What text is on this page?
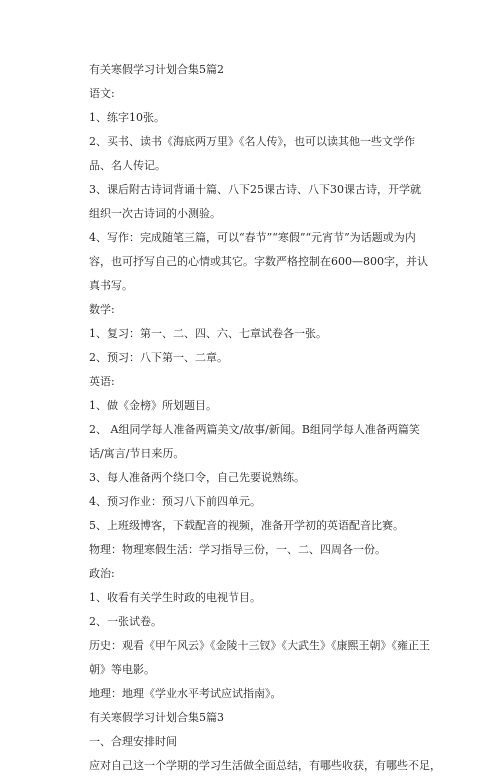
有关寒假学习计划合集5篇2

语文:

1、练字10张。

2、买书、读书《海底两万里》《名人传》，也可以读其他一些文学作品、名人传记。

3、课后附古诗词背诵十篇、八下25课古诗、八下30课古诗，开学就组织一次古诗词的小测验。

4、写作：完成随笔三篇，可以“春节”“寒假”“元宵节”为话题或为内容，也可抒写自己的心情或其它。字数严格控制在600—800字，并认真书写。

数学:

1、复习：第一、二、四、六、七章试卷各一张。

2、预习：八下第一、二章。

英语:

1、做《金榜》所划题目。

2、 A组同学每人准备两篇美文/故事/新闻。B组同学每人准备两篇笑话/寓言/节日来历。

3、每人准备两个绕口令，自己先要说熟练。

4、预习作业：预习八下前四单元。

5、上班级博客，下载配音的视频，准备开学初的英语配音比赛。

物理：物理寒假生活：学习指导三份，一、二、四周各一份。

政治:

1、收看有关学生时政的电视节目。

2、一张试卷。

历史：观看《甲午风云》《金陵十三钗》《大武生》《康熙王朝》《雍正王朝》等电影。

地理：地理《学业水平考试应试指南》。

有关寒假学习计划合集5篇3

一、合理安排时间

应对自己这一个学期的学习生活做全面总结，有哪些收获，有哪些不足，
